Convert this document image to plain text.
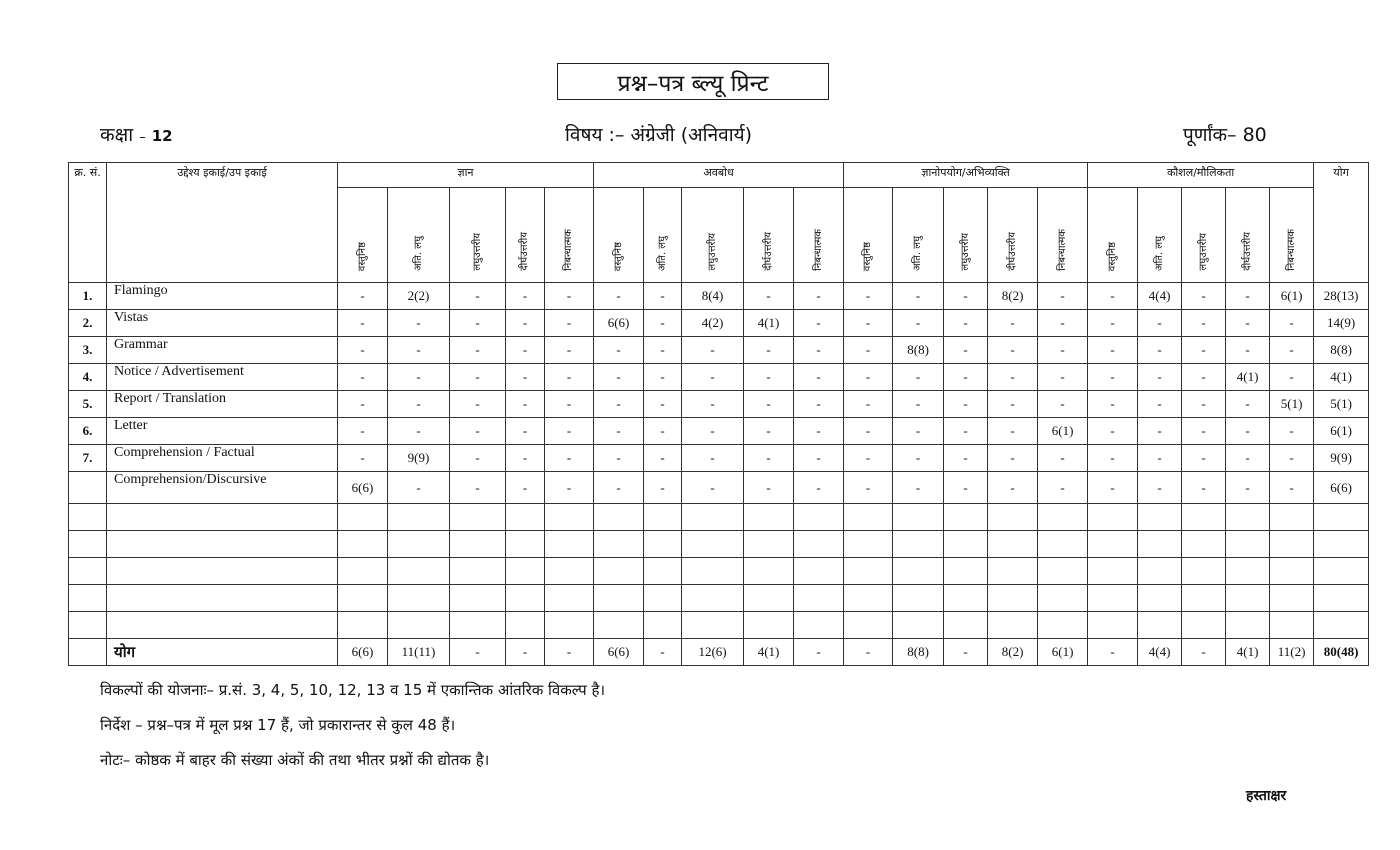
प्रश्न–पत्र ब्ल्यू प्रिन्ट
कक्षा – 12	विषय :– अंग्रेजी (अनिवार्य)	पूर्णांक– 80
क्र. सं.	उद्देश्य इकाई/उप इकाई	ज्ञान					अवबोध					ज्ञानोपयोग/अभिव्यक्ति					कौशल/मौलिकता					योग
		वस्तुनिष्ठ	अति. लघु	लघुउत्तरीय	दीर्घउत्तरीय	निबन्धात्मक	वस्तुनिष्ठ	अति. लघु	लघुउत्तरीय	दीर्घउत्तरीय	निबन्धात्मक	वस्तुनिष्ठ	अति. लघु	लघुउत्तरीय	दीर्घउत्तरीय	निबन्धात्मक	वस्तुनिष्ठ	अति. लघु	लघुउत्तरीय	दीर्घउत्तरीय	निबन्धात्मक	
1.	Flamingo	-	2(2)	-	-	-	-	-	8(4)	-	-	-	-	-	8(2)	-	-	4(4)	-	-	6(1)	28(13)
2.	Vistas	-	-	-	-	-	6(6)	-	4(2)	4(1)	-	-	-	-	-	-	-	-	-	-	-	14(9)
3.	Grammar	-	-	-	-	-	-	-	-	-	-	-	8(8)	-	-	-	-	-	-	-	-	8(8)
4.	Notice / Advertisement	-	-	-	-	-	-	-	-	-	-	-	-	-	-	-	-	-	-	4(1)	-	4(1)
5.	Report / Translation	-	-	-	-	-	-	-	-	-	-	-	-	-	-	-	-	-	-	-	5(1)	5(1)
6.	Letter	-	-	-	-	-	-	-	-	-	-	-	-	-	-	6(1)	-	-	-	-	-	6(1)
7.	Comprehension / Factual	-	9(9)	-	-	-	-	-	-	-	-	-	-	-	-	-	-	-	-	-	-	9(9)
	Comprehension/Discursive	6(6)	-	-	-	-	-	-	-	-	-	-	-	-	-	-	-	-	-	-	-	6(6)

	योग	6(6)	11(11)	-	-	-	6(6)	-	12(6)	4(1)	-	-	8(8)	-	8(2)	6(1)	-	4(4)	-	4(1)	11(2)	80(48)
विकल्पों की योजनाः– प्र.सं. 3, 4, 5, 10, 12, 13 व 15 में एकान्तिक आंतरिक विकल्प है।
निर्देश – प्रश्न–पत्र में मूल प्रश्न 17 हैं, जो प्रकारान्तर से कुल 48 हैं।
नोटः– कोष्ठक में बाहर की संख्या अंकों की तथा भीतर प्रश्नों की द्योतक है।
हस्ताक्षर
